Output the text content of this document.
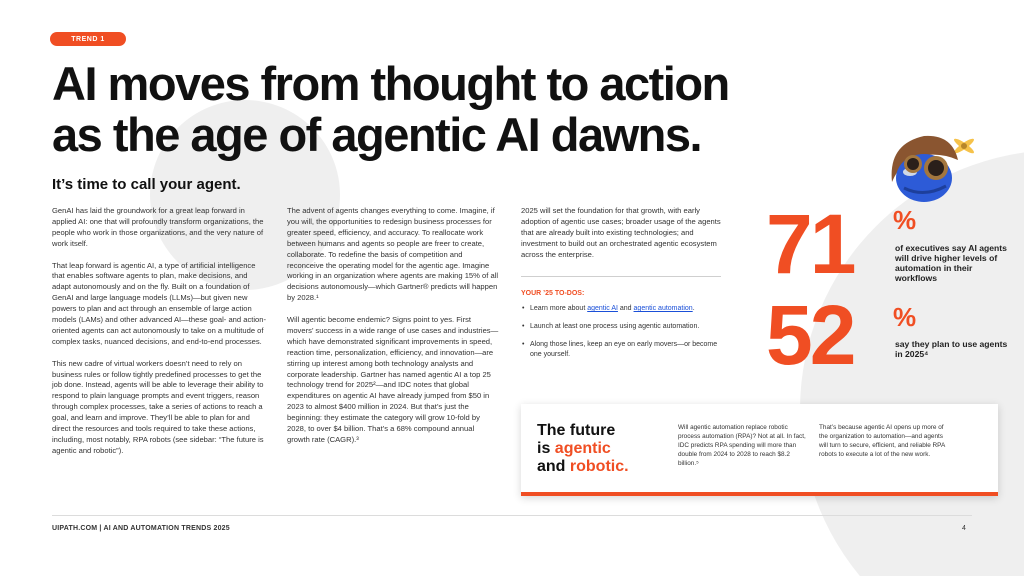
TREND 1
AI moves from thought to action
as the age of agentic AI dawns.
It’s time to call your agent.

GenAI has laid the groundwork for a great leap forward in applied AI: one that will profoundly transform organizations, the people who work in those organizations, and the very nature of work itself.

That leap forward is agentic AI, a type of artificial intelligence that enables software agents to plan, make decisions, and adapt autonomously and on the fly. Built on a foundation of GenAI and large language models (LLMs)—but given new powers to plan and act through an ensemble of large action models (LAMs) and other advanced AI—these goal- and action-oriented agents can act autonomously to take on a multitude of complex tasks, nuanced decisions, and end-to-end processes.

This new cadre of virtual workers doesn’t need to rely on business rules or follow tightly predefined processes to get the job done. Instead, agents will be able to leverage their ability to respond to plain language prompts and event triggers, reason through complex processes, take a series of actions to reach a goal, and learn and improve. They’ll be able to plan for and direct the resources and tools required to take these actions, including, most notably, RPA robots (see sidebar: “The future is agentic and robotic”).

The advent of agents changes everything to come. Imagine, if you will, the opportunities to redesign business processes for greater speed, efficiency, and accuracy. To reallocate work between humans and agents so people are freer to create, collaborate. To redefine the basis of competition and reconceive the operating model for the agentic age. Imagine working in an organization where agents are making 15% of all decisions autonomously—which Gartner® predicts will happen by 2028.¹

Will agentic become endemic? Signs point to yes. First movers’ success in a wide range of use cases and industries—which have demonstrated significant improvements in speed, reaction time, personalization, efficiency, and innovation—are stirring up interest among both technology analysts and corporate leadership. Gartner has named agentic AI a top 25 technology trend for 2025²—and IDC notes that global expenditures on agentic AI have already jumped from $50 in 2023 to almost $400 million in 2024. But that’s just the beginning: they estimate the category will grow 10-fold by 2028, to over $4 billion. That’s a 68% compound annual growth rate (CAGR).³

2025 will set the foundation for that growth, with early adoption of agentic use cases; broader usage of the agents that are already built into existing technologies; and investment to build out an orchestrated agentic ecosystem across the enterprise.

YOUR ’25 TO-DOS:
• Learn more about agentic AI and agentic automation.
• Launch at least one process using agentic automation.
• Along those lines, keep an eye on early movers—or become one yourself.
71 %
of executives say AI agents will drive higher levels of automation in their workflows
52 %
say they plan to use agents in 2025⁴
The future
is agentic
and robotic.
Will agentic automation replace robotic process automation (RPA)? Not at all. In fact, IDC predicts RPA spending will more than double from 2024 to 2028 to reach $8.2 billion.⁵
That’s because agentic AI opens up more of the organization to automation—and agents will turn to secure, efficient, and reliable RPA robots to execute a lot of the new work.
UIPATH.COM | AI AND AUTOMATION TRENDS 2025	4
